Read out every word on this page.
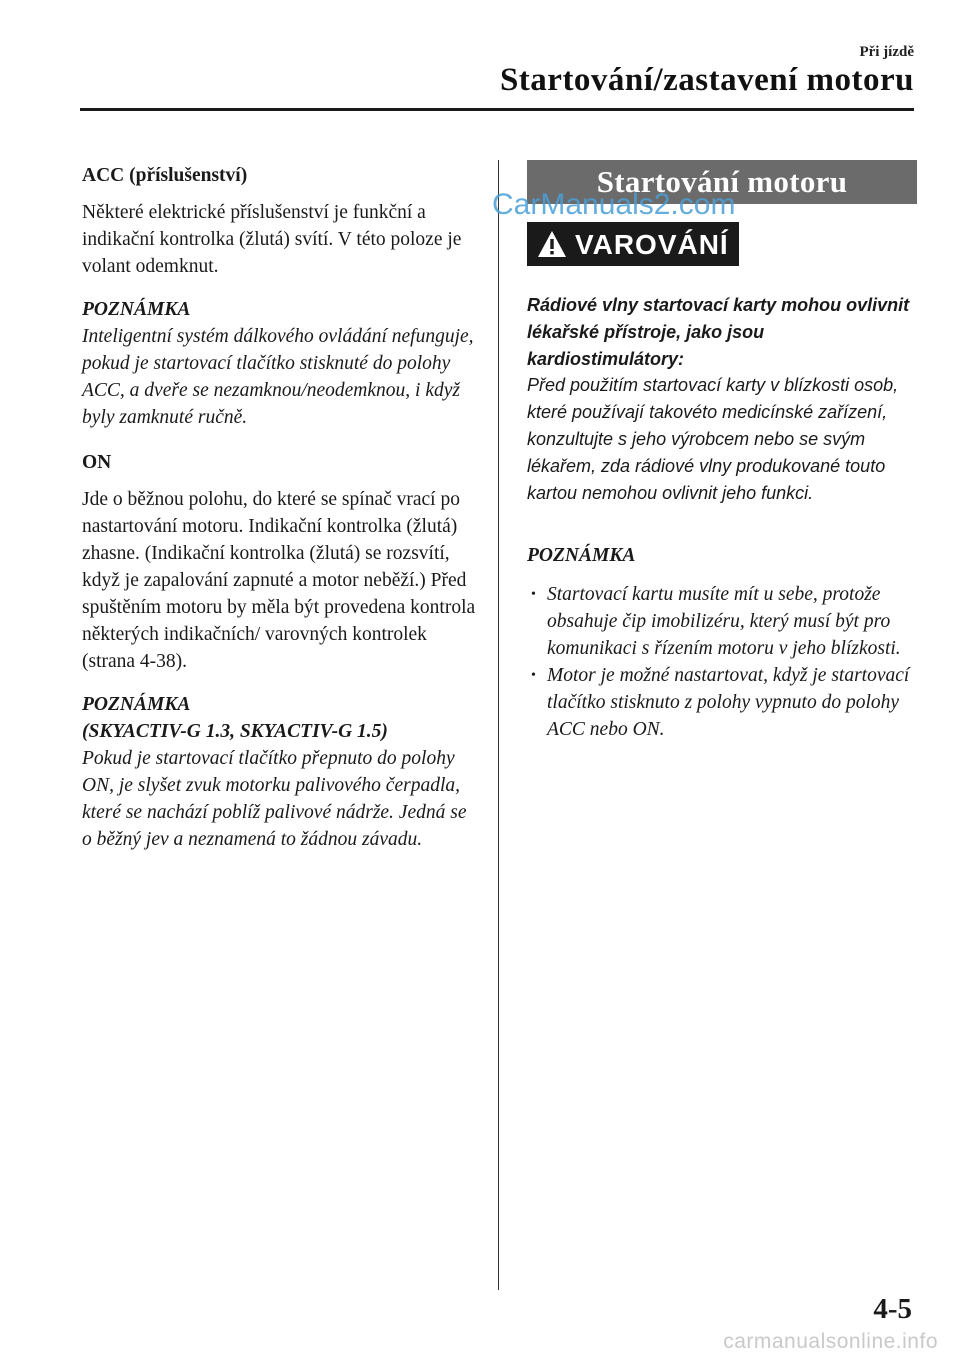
Při jízdě
Startování/zastavení motoru
ACC (příslušenství)

Některé elektrické příslušenství je funkční a indikační kontrolka (žlutá) svítí. V této poloze je volant odemknut.

POZNÁMKA

Inteligentní systém dálkového ovládání nefunguje, pokud je startovací tlačítko stisknuté do polohy ACC, a dveře se nezamknou/neodemknou, i když byly zamknuté ručně.

ON

Jde o běžnou polohu, do které se spínač vrací po nastartování motoru. Indikační kontrolka (žlutá) zhasne. (Indikační kontrolka (žlutá) se rozsvítí, když je zapalování zapnuté a motor neběží.) Před spuštěním motoru by měla být provedena kontrola některých indikačních/ varovných kontrolek (strana 4-38).

POZNÁMKA
(SKYACTIV-G 1.3, SKYACTIV-G 1.5)

Pokud je startovací tlačítko přepnuto do polohy ON, je slyšet zvuk motorku palivového čerpadla, které se nachází poblíž palivové nádrže. Jedná se o běžný jev a neznamená to žádnou závadu.

Startování motoru
VAROVÁNÍ
Rádiové vlny startovací karty mohou ovlivnit lékařské přístroje, jako jsou kardiostimulátory:
Před použitím startovací karty v blízkosti osob, které používají takovéto medicínské zařízení, konzultujte s jeho výrobcem nebo se svým lékařem, zda rádiové vlny produkované touto kartou nemohou ovlivnit jeho funkci.
POZNÁMKA
• Startovací kartu musíte mít u sebe, protože obsahuje čip imobilizéru, který musí být pro komunikaci s řízením motoru v jeho blízkosti.
• Motor je možné nastartovat, když je startovací tlačítko stisknuto z polohy vypnuto do polohy ACC nebo ON.
CarManuals2.com
4-5
carmanualsonline.info
